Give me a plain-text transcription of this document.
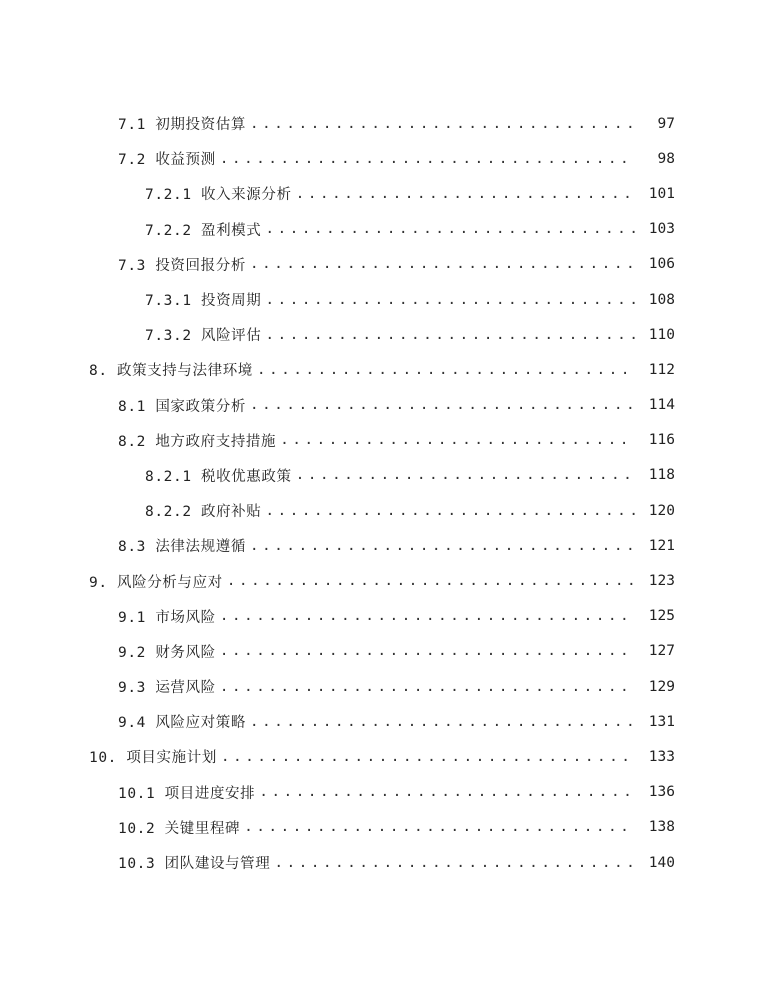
7.1 初期投资估算 .....	97
7.2 收益预测 .....	98
7.2.1 收入来源分析 .....	101
7.2.2 盈利模式 .....	103
7.3 投资回报分析 .....	106
7.3.1 投资周期 .....	108
7.3.2 风险评估 .....	110
8. 政策支持与法律环境 .....	112
8.1 国家政策分析 .....	114
8.2 地方政府支持措施 .....	116
8.2.1 税收优惠政策 .....	118
8.2.2 政府补贴 .....	120
8.3 法律法规遵循 .....	121
9. 风险分析与应对 .....	123
9.1 市场风险 .....	125
9.2 财务风险 .....	127
9.3 运营风险 .....	129
9.4 风险应对策略 .....	131
10. 项目实施计划 .....	133
10.1 项目进度安排 .....	136
10.2 关键里程碑 .....	138
10.3 团队建设与管理 .....	140
